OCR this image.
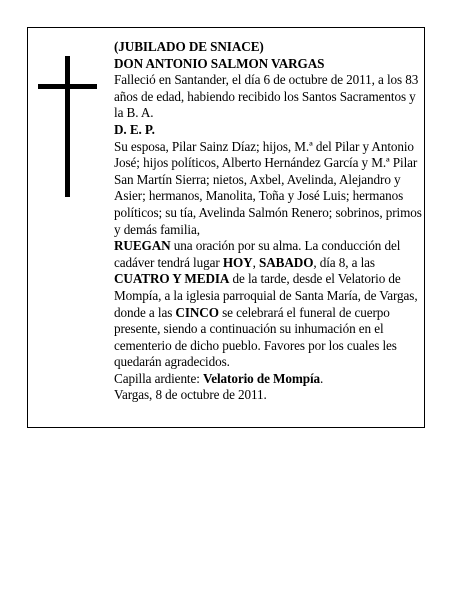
(JUBILADO DE SNIACE)

DON ANTONIO SALMON VARGAS

Falleció en Santander, el día 6 de octubre de 2011, a los 83 años de edad, habiendo recibido los Santos Sacramentos y la B. A.

D. E. P.

Su esposa, Pilar Sainz Díaz; hijos, M.ª del Pilar y Antonio José; hijos políticos, Alberto Hernández García y M.ª Pilar San Martín Sierra; nietos, Axbel, Avelinda, Alejandro y Asier; hermanos, Manolita, Toña y José Luis; hermanos políticos; su tía, Avelinda Salmón Renero; sobrinos, primos y demás familia,

RUEGAN una oración por su alma. La conducción del cadáver tendrá lugar HOY, SABADO, día 8, a las CUATRO Y MEDIA de la tarde, desde el Velatorio de Mompía, a la iglesia parroquial de Santa María, de Vargas, donde a las CINCO se celebrará el funeral de cuerpo presente, siendo a continuación su inhumación en el cementerio de dicho pueblo. Favores por los cuales les quedarán agradecidos.

Capilla ardiente: Velatorio de Mompía.

Vargas, 8 de octubre de 2011.
